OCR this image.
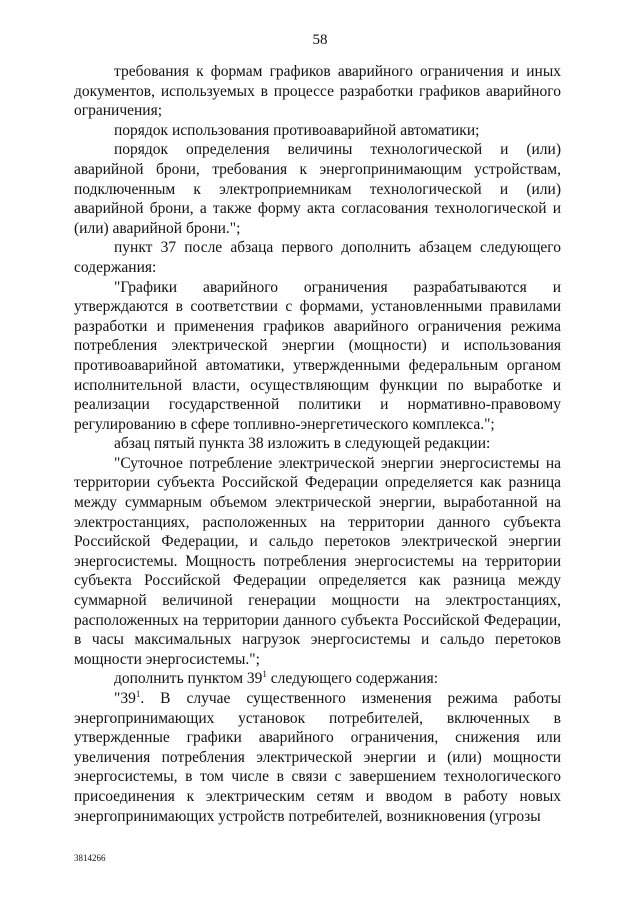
58

требования к формам графиков аварийного ограничения и иных документов, используемых в процессе разработки графиков аварийного ограничения;

порядок использования противоаварийной автоматики;

порядок определения величины технологической и (или) аварийной брони, требования к энергопринимающим устройствам, подключенным к электроприемникам технологической и (или) аварийной брони, а также форму акта согласования технологической и (или) аварийной брони.";

пункт 37 после абзаца первого дополнить абзацем следующего содержания:

"Графики аварийного ограничения разрабатываются и утверждаются в соответствии с формами, установленными правилами разработки и применения графиков аварийного ограничения режима потребления электрической энергии (мощности) и использования противоаварийной автоматики, утвержденными федеральным органом исполнительной власти, осуществляющим функции по выработке и реализации государственной политики и нормативно-правовому регулированию в сфере топливно-энергетического комплекса.";

абзац пятый пункта 38 изложить в следующей редакции:

"Суточное потребление электрической энергии энергосистемы на территории субъекта Российской Федерации определяется как разница между суммарным объемом электрической энергии, выработанной на электростанциях, расположенных на территории данного субъекта Российской Федерации, и сальдо перетоков электрической энергии энергосистемы. Мощность потребления энергосистемы на территории субъекта Российской Федерации определяется как разница между суммарной величиной генерации мощности на электростанциях, расположенных на территории данного субъекта Российской Федерации, в часы максимальных нагрузок энергосистемы и сальдо перетоков мощности энергосистемы.";

дополнить пунктом $39^1$ следующего содержания:

"$39^1$. В случае существенного изменения режима работы энергопринимающих установок потребителей, включенных в утвержденные графики аварийного ограничения, снижения или увеличения потребления электрической энергии и (или) мощности энергосистемы, в том числе в связи с завершением технологического присоединения к электрическим сетям и вводом в работу новых энергопринимающих устройств потребителей, возникновения (угрозы

3814266
